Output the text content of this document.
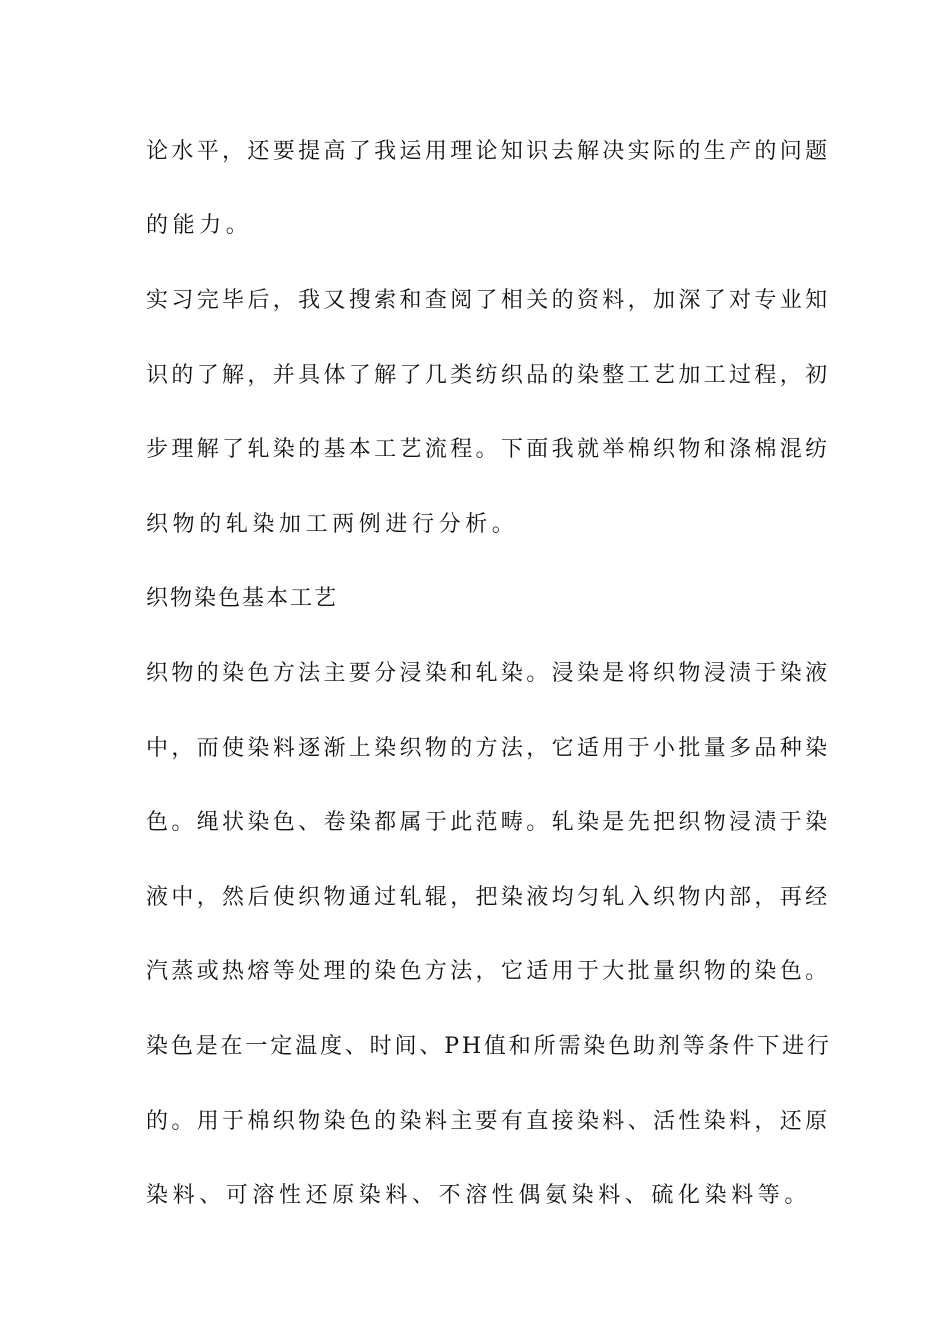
论水平，还要提高了我运用理论知识去解决实际的生产的问题
的能力。
实习完毕后，我又搜索和查阅了相关的资料，加深了对专业知
识的了解，并具体了解了几类纺织品的染整工艺加工过程，初
步理解了轧染的基本工艺流程。下面我就举棉织物和涤棉混纺
织物的轧染加工两例进行分析。
织物染色基本工艺
织物的染色方法主要分浸染和轧染。浸染是将织物浸渍于染液
中，而使染料逐渐上染织物的方法，它适用于小批量多品种染
色。绳状染色、卷染都属于此范畴。轧染是先把织物浸渍于染
液中，然后使织物通过轧辊，把染液均匀轧入织物内部，再经
汽蒸或热熔等处理的染色方法，它适用于大批量织物的染色。
染色是在一定温度、时间、PH值和所需染色助剂等条件下进行
的。用于棉织物染色的染料主要有直接染料、活性染料，还原
染料、可溶性还原染料、不溶性偶氨染料、硫化染料等。
